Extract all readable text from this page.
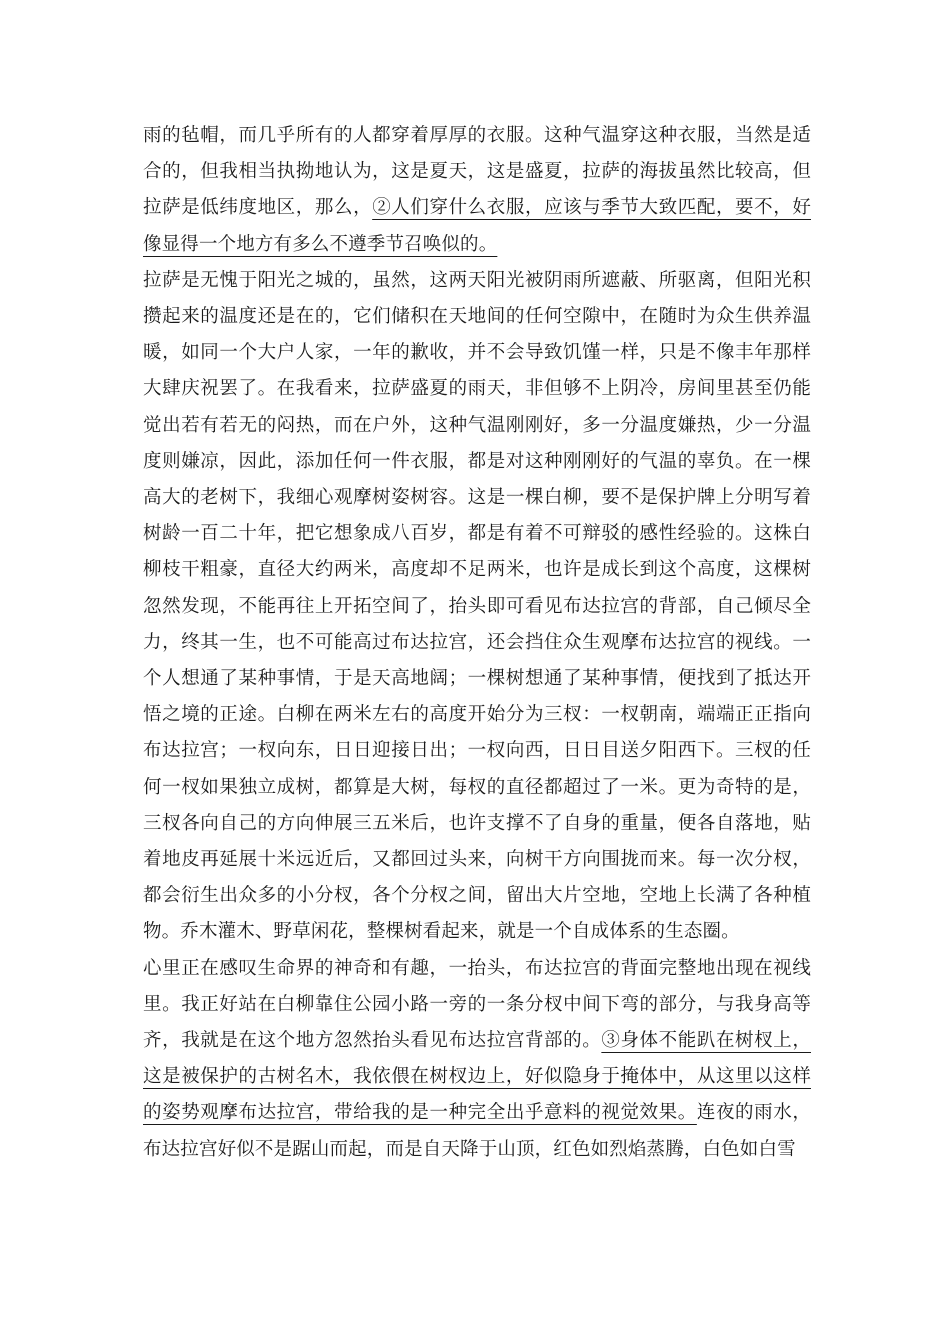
雨的毡帽，而几乎所有的人都穿着厚厚的衣服。这种气温穿这种衣服，当然是适合的，但我相当执拗地认为，这是夏天，这是盛夏，拉萨的海拔虽然比较高，但拉萨是低纬度地区，那么，②人们穿什么衣服，应该与季节大致匹配，要不，好像显得一个地方有多么不遵季节召唤似的。

拉萨是无愧于阳光之城的，虽然，这两天阳光被阴雨所遮蔽、所驱离，但阳光积攒起来的温度还是在的，它们储积在天地间的任何空隙中，在随时为众生供养温暖，如同一个大户人家，一年的歉收，并不会导致饥馑一样，只是不像丰年那样大肆庆祝罢了。在我看来，拉萨盛夏的雨天，非但够不上阴冷，房间里甚至仍能觉出若有若无的闷热，而在户外，这种气温刚刚好，多一分温度嫌热，少一分温度则嫌凉，因此，添加任何一件衣服，都是对这种刚刚好的气温的辜负。在一棵高大的老树下，我细心观摩树姿树容。这是一棵白柳，要不是保护牌上分明写着树龄一百二十年，把它想象成八百岁，都是有着不可辩驳的感性经验的。这株白柳枝干粗豪，直径大约两米，高度却不足两米，也许是成长到这个高度，这棵树忽然发现，不能再往上开拓空间了，抬头即可看见布达拉宫的背部，自己倾尽全力，终其一生，也不可能高过布达拉宫，还会挡住众生观摩布达拉宫的视线。一个人想通了某种事情，于是天高地阔；一棵树想通了某种事情，便找到了抵达开悟之境的正途。白柳在两米左右的高度开始分为三杈：一杈朝南，端端正正指向布达拉宫；一杈向东，日日迎接日出；一杈向西，日日目送夕阳西下。三杈的任何一杈如果独立成树，都算是大树，每杈的直径都超过了一米。更为奇特的是，三杈各向自己的方向伸展三五米后，也许支撑不了自身的重量，便各自落地，贴着地皮再延展十米远近后，又都回过头来，向树干方向围拢而来。每一次分杈，都会衍生出众多的小分杈，各个分杈之间，留出大片空地，空地上长满了各种植物。乔木灌木、野草闲花，整棵树看起来，就是一个自成体系的生态圈。

心里正在感叹生命界的神奇和有趣，一抬头，布达拉宫的背面完整地出现在视线里。我正好站在白柳靠住公园小路一旁的一条分杈中间下弯的部分，与我身高等齐，我就是在这个地方忽然抬头看见布达拉宫背部的。③身体不能趴在树杈上，这是被保护的古树名木，我依偎在树杈边上，好似隐身于掩体中，从这里以这样的姿势观摩布达拉宫，带给我的是一种完全出乎意料的视觉效果。连夜的雨水，布达拉宫好似不是踞山而起，而是自天降于山顶，红色如烈焰蒸腾，白色如白雪
